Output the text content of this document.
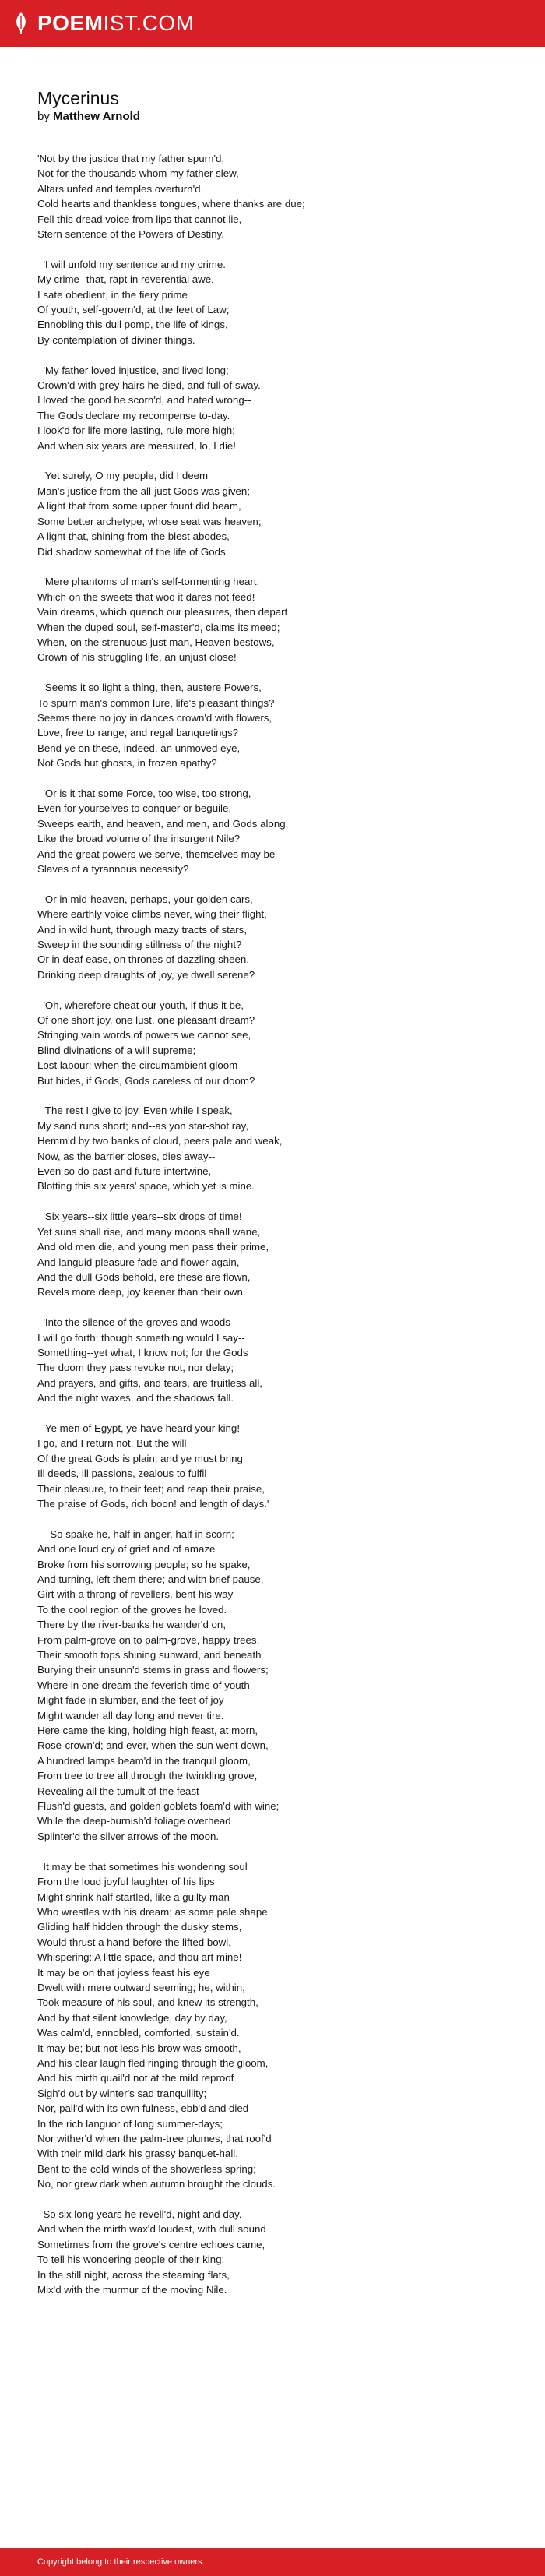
POEMIST.COM
Mycerinus
by Matthew Arnold
'Not by the justice that my father spurn'd,
Not for the thousands whom my father slew,
Altars unfed and temples overturn'd,
Cold hearts and thankless tongues, where thanks are due;
Fell this dread voice from lips that cannot lie,
Stern sentence of the Powers of Destiny.
'I will unfold my sentence and my crime.
My crime--that, rapt in reverential awe,
I sate obedient, in the fiery prime
Of youth, self-govern'd, at the feet of Law;
Ennobling this dull pomp, the life of kings,
By contemplation of diviner things.
'My father loved injustice, and lived long;
Crown'd with grey hairs he died, and full of sway.
I loved the good he scorn'd, and hated wrong--
The Gods declare my recompense to-day.
I look'd for life more lasting, rule more high;
And when six years are measured, lo, I die!
'Yet surely, O my people, did I deem
Man's justice from the all-just Gods was given;
A light that from some upper fount did beam,
Some better archetype, whose seat was heaven;
A light that, shining from the blest abodes,
Did shadow somewhat of the life of Gods.
'Mere phantoms of man's self-tormenting heart,
Which on the sweets that woo it dares not feed!
Vain dreams, which quench our pleasures, then depart
When the duped soul, self-master'd, claims its meed;
When, on the strenuous just man, Heaven bestows,
Crown of his struggling life, an unjust close!
'Seems it so light a thing, then, austere Powers,
To spurn man's common lure, life's pleasant things?
Seems there no joy in dances crown'd with flowers,
Love, free to range, and regal banquetings?
Bend ye on these, indeed, an unmoved eye,
Not Gods but ghosts, in frozen apathy?
'Or is it that some Force, too wise, too strong,
Even for yourselves to conquer or beguile,
Sweeps earth, and heaven, and men, and Gods along,
Like the broad volume of the insurgent Nile?
And the great powers we serve, themselves may be
Slaves of a tyrannous necessity?
'Or in mid-heaven, perhaps, your golden cars,
Where earthly voice climbs never, wing their flight,
And in wild hunt, through mazy tracts of stars,
Sweep in the sounding stillness of the night?
Or in deaf ease, on thrones of dazzling sheen,
Drinking deep draughts of joy, ye dwell serene?
'Oh, wherefore cheat our youth, if thus it be,
Of one short joy, one lust, one pleasant dream?
Stringing vain words of powers we cannot see,
Blind divinations of a will supreme;
Lost labour! when the circumambient gloom
But hides, if Gods, Gods careless of our doom?
'The rest I give to joy. Even while I speak,
My sand runs short; and--as yon star-shot ray,
Hemm'd by two banks of cloud, peers pale and weak,
Now, as the barrier closes, dies away--
Even so do past and future intertwine,
Blotting this six years' space, which yet is mine.
'Six years--six little years--six drops of time!
Yet suns shall rise, and many moons shall wane,
And old men die, and young men pass their prime,
And languid pleasure fade and flower again,
And the dull Gods behold, ere these are flown,
Revels more deep, joy keener than their own.
'Into the silence of the groves and woods
I will go forth; though something would I say--
Something--yet what, I know not; for the Gods
The doom they pass revoke not, nor delay;
And prayers, and gifts, and tears, are fruitless all,
And the night waxes, and the shadows fall.
'Ye men of Egypt, ye have heard your king!
I go, and I return not. But the will
Of the great Gods is plain; and ye must bring
Ill deeds, ill passions, zealous to fulfil
Their pleasure, to their feet; and reap their praise,
The praise of Gods, rich boon! and length of days.'
--So spake he, half in anger, half in scorn;
And one loud cry of grief and of amaze
Broke from his sorrowing people; so he spake,
And turning, left them there; and with brief pause,
Girt with a throng of revellers, bent his way
To the cool region of the groves he loved.
There by the river-banks he wander'd on,
From palm-grove on to palm-grove, happy trees,
Their smooth tops shining sunward, and beneath
Burying their unsunn'd stems in grass and flowers;
Where in one dream the feverish time of youth
Might fade in slumber, and the feet of joy
Might wander all day long and never tire.
Here came the king, holding high feast, at morn,
Rose-crown'd; and ever, when the sun went down,
A hundred lamps beam'd in the tranquil gloom,
From tree to tree all through the twinkling grove,
Revealing all the tumult of the feast--
Flush'd guests, and golden goblets foam'd with wine;
While the deep-burnish'd foliage overhead
Splinter'd the silver arrows of the moon.
It may be that sometimes his wondering soul
From the loud joyful laughter of his lips
Might shrink half startled, like a guilty man
Who wrestles with his dream; as some pale shape
Gliding half hidden through the dusky stems,
Would thrust a hand before the lifted bowl,
Whispering: A little space, and thou art mine!
It may be on that joyless feast his eye
Dwelt with mere outward seeming; he, within,
Took measure of his soul, and knew its strength,
And by that silent knowledge, day by day,
Was calm'd, ennobled, comforted, sustain'd.
It may be; but not less his brow was smooth,
And his clear laugh fled ringing through the gloom,
And his mirth quail'd not at the mild reproof
Sigh'd out by winter's sad tranquillity;
Nor, pall'd with its own fulness, ebb'd and died
In the rich languor of long summer-days;
Nor wither'd when the palm-tree plumes, that roof'd
With their mild dark his grassy banquet-hall,
Bent to the cold winds of the showerless spring;
No, nor grew dark when autumn brought the clouds.
So six long years he revell'd, night and day.
And when the mirth wax'd loudest, with dull sound
Sometimes from the grove's centre echoes came,
To tell his wondering people of their king;
In the still night, across the steaming flats,
Mix'd with the murmur of the moving Nile.
Copyright belong to their respective owners.
